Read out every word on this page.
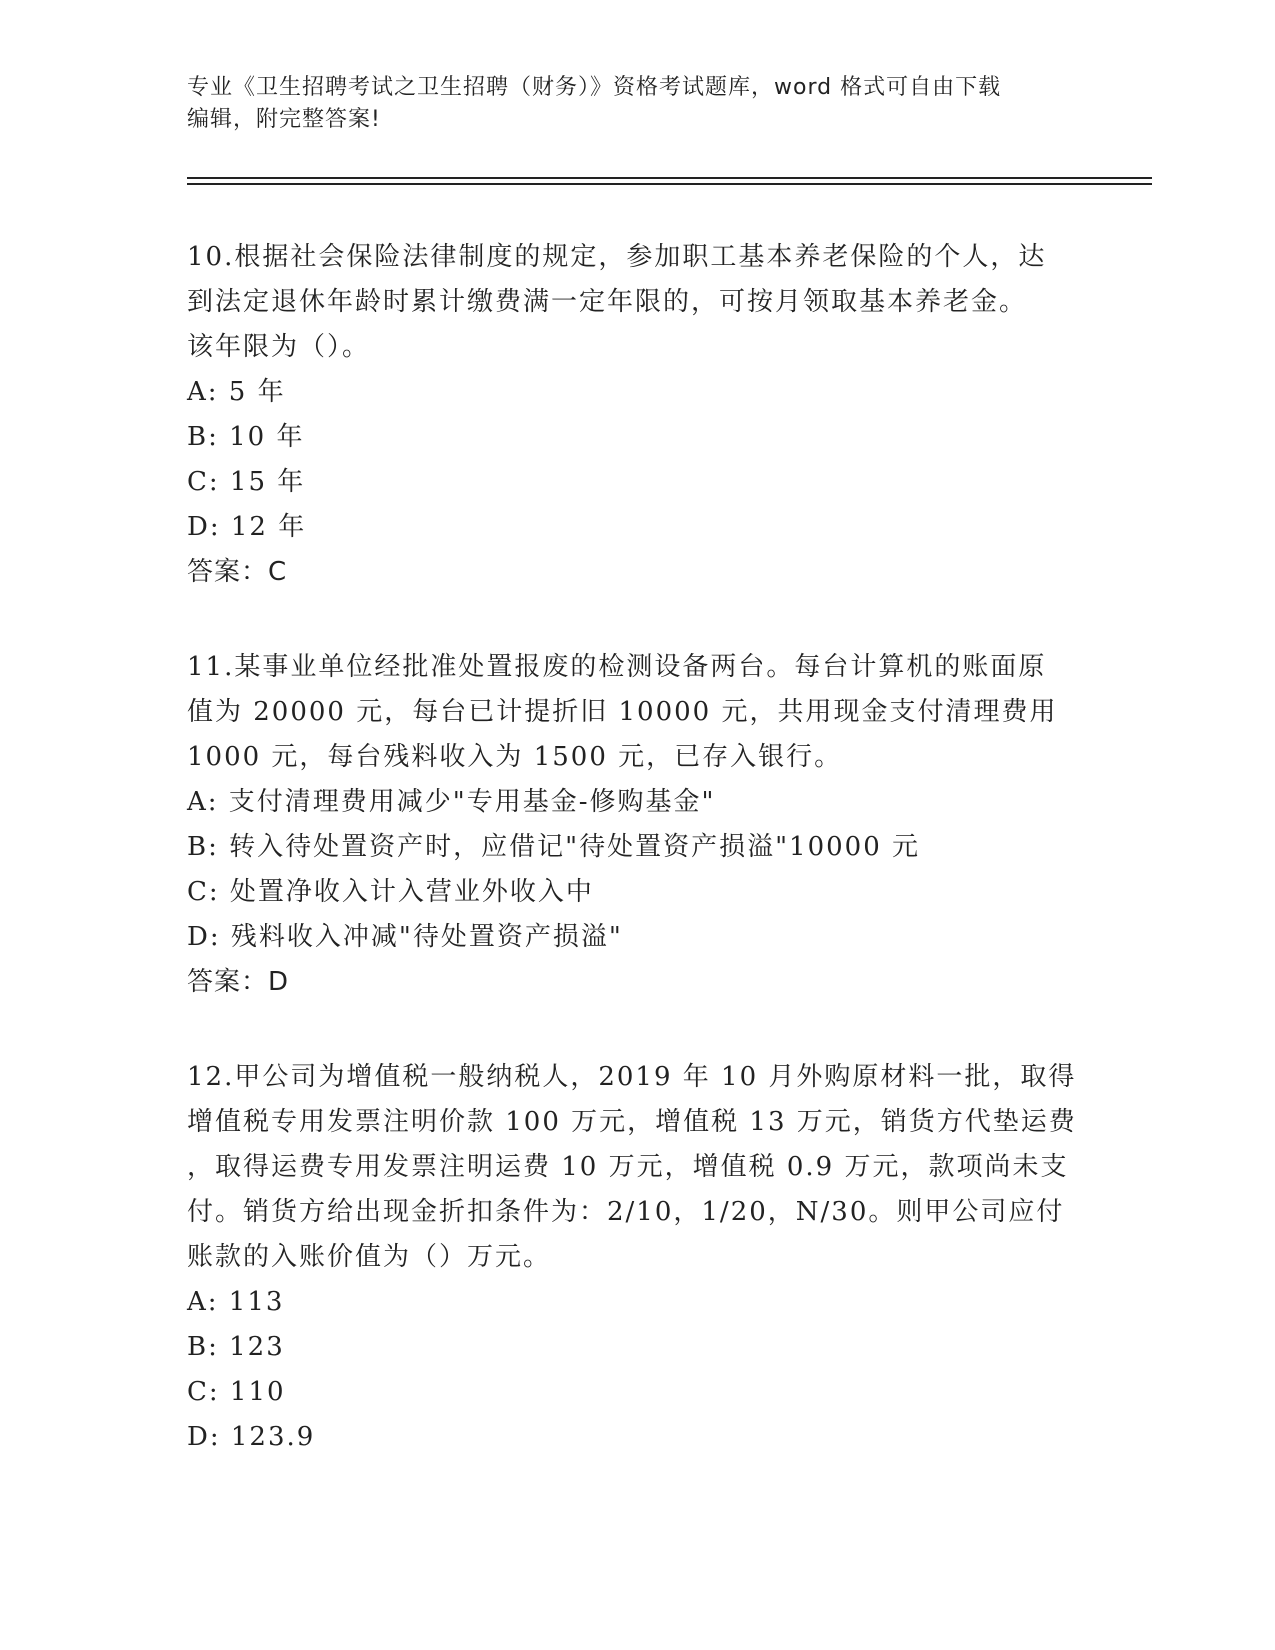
专业《卫生招聘考试之卫生招聘（财务）》资格考试题库，word 格式可自由下载
编辑，附完整答案!

10.根据社会保险法律制度的规定，参加职工基本养老保险的个人，达

到法定退休年龄时累计缴费满一定年限的，可按月领取基本养老金。

该年限为（）。

A: 5 年

B: 10 年

C: 15 年

D: 12 年

答案：C

11.某事业单位经批准处置报废的检测设备两台。每台计算机的账面原

值为 20000 元，每台已计提折旧 10000 元，共用现金支付清理费用

1000 元，每台残料收入为 1500 元，已存入银行。

A: 支付清理费用减少"专用基金-修购基金"

B: 转入待处置资产时，应借记"待处置资产损溢"10000 元

C: 处置净收入计入营业外收入中

D: 残料收入冲减"待处置资产损溢"

答案：D

12.甲公司为增值税一般纳税人，2019 年 10 月外购原材料一批，取得

增值税专用发票注明价款 100 万元，增值税 13 万元，销货方代垫运费

，取得运费专用发票注明运费 10 万元，增值税 0.9 万元，款项尚未支

付。销货方给出现金折扣条件为：2/10，1/20，N/30。则甲公司应付

账款的入账价值为（）万元。

A: 113

B: 123

C: 110

D: 123.9
